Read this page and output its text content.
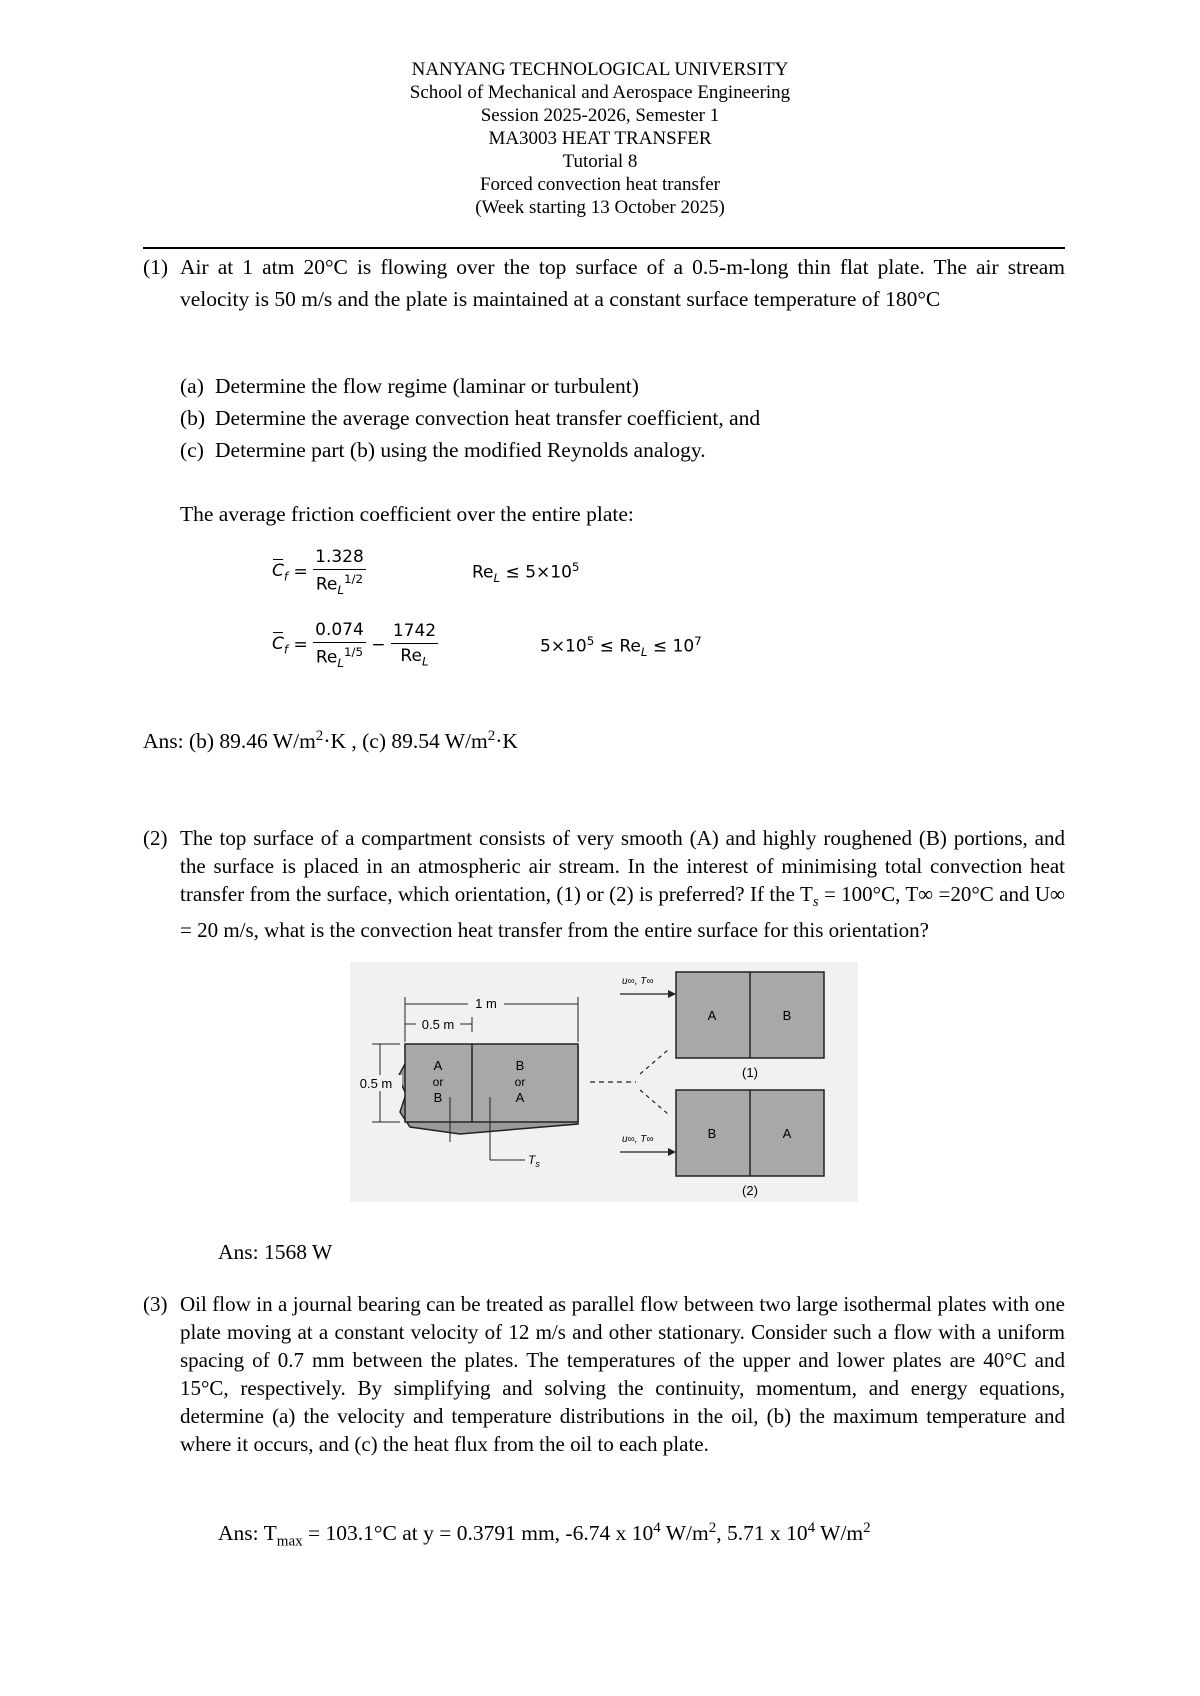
NANYANG TECHNOLOGICAL UNIVERSITY
School of Mechanical and Aerospace Engineering
Session 2025-2026, Semester 1
MA3003 HEAT TRANSFER
Tutorial 8
Forced convection heat transfer
(Week starting 13 October 2025)
(1) Air at 1 atm 20°C is flowing over the top surface of a 0.5-m-long thin flat plate. The air stream velocity is 50 m/s and the plate is maintained at a constant surface temperature of 180°C
(a) Determine the flow regime (laminar or turbulent)
(b) Determine the average convection heat transfer coefficient, and
(c) Determine part (b) using the modified Reynolds analogy.
The average friction coefficient over the entire plate:
$C_f = \frac{1.328}{Re_L^{1/2}}$	$Re_L \le 5\times 10^5$
$C_f = \frac{0.074}{Re_L^{1/5}} - \frac{1742}{Re_L}$	$5\times 10^5 \le Re_L \le 10^7$
Ans: (b) 89.46 $W/m^2\cdot K$ , (c) 89.54 $W/m^2\cdot K$
(2) The top surface of a compartment consists of very smooth (A) and highly roughened (B) portions, and the surface is placed in an atmospheric air stream. In the interest of minimising total convection heat transfer from the surface, which orientation, (1) or (2) is preferred? If the $T_s = 100^\circ C$, T∞ =20°C and U∞ = 20 m/s, what is the convection heat transfer from the entire surface for this orientation?
A
or
B
B
or
A
$T_s$
1 m
0.5 m
0.5 m
A	B
(1)
u∞, T∞
B	A
(2)
u∞, T∞
Ans: 1568 W
(3) Oil flow in a journal bearing can be treated as parallel flow between two large isothermal plates with one plate moving at a constant velocity of 12 m/s and other stationary. Consider such a flow with a uniform spacing of 0.7 mm between the plates. The temperatures of the upper and lower plates are 40°C and 15°C, respectively. By simplifying and solving the continuity, momentum, and energy equations, determine (a) the velocity and temperature distributions in the oil, (b) the maximum temperature and where it occurs, and (c) the heat flux from the oil to each plate.
Ans: $T_{max} = 103.1^\circ C$ at y = 0.3791 mm, -6.74 x $10^4$ $W/m^2$, 5.71 x $10^4$ $W/m^2$
